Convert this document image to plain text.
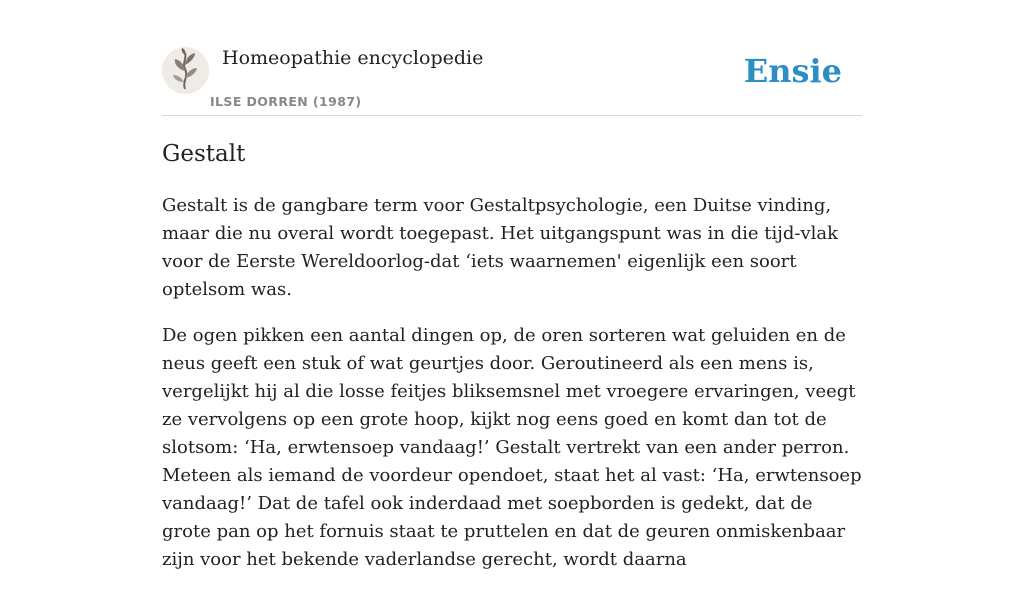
Homeopathie encyclopedie
ILSE DORREN (1987)
Ensie
Gestalt

Gestalt is de gangbare term voor Gestaltpsychologie, een Duitse vinding, maar die nu overal wordt toegepast. Het uitgangspunt was in die tijd-vlak voor de Eerste Wereldoorlog-dat ‘iets waarnemen' eigenlijk een soort optelsom was.

De ogen pikken een aantal dingen op, de oren sorteren wat geluiden en de neus geeft een stuk of wat geurtjes door. Geroutineerd als een mens is, vergelijkt hij al die losse feitjes bliksemsnel met vroegere ervaringen, veegt ze vervolgens op een grote hoop, kijkt nog eens goed en komt dan tot de slotsom: ‘Ha, erwtensoep vandaag!’ Gestalt vertrekt van een ander perron. Meteen als iemand de voordeur opendoet, staat het al vast: ‘Ha, erwtensoep vandaag!’ Dat de tafel ook inderdaad met soepborden is gedekt, dat de grote pan op het fornuis staat te pruttelen en dat de geuren onmiskenbaar zijn voor het bekende vaderlandse gerecht, wordt daarna
